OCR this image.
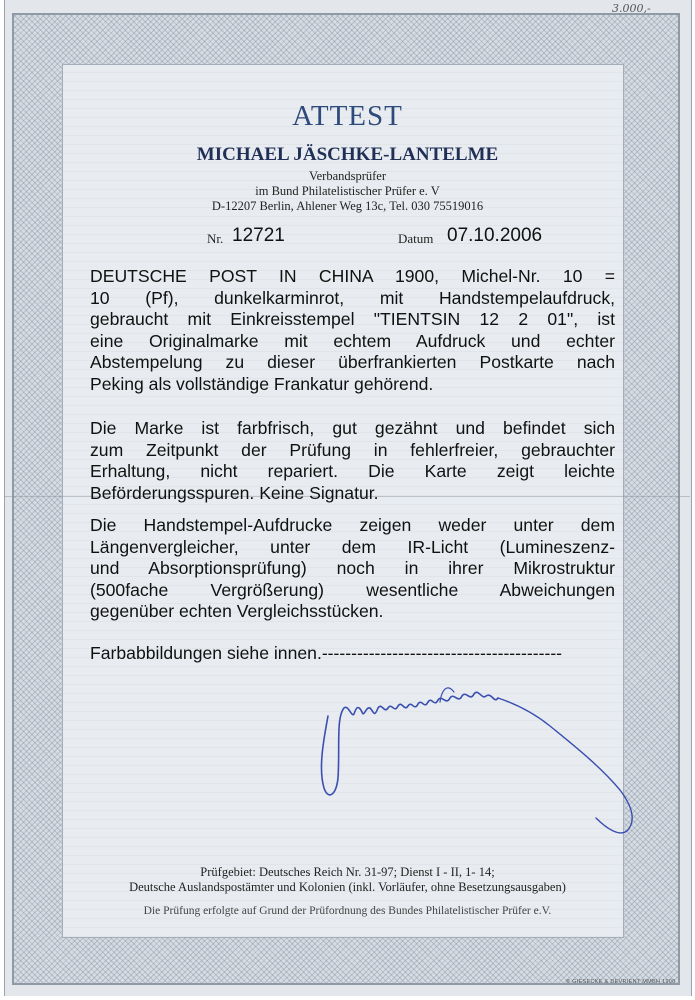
3.000,-
ATTEST
MICHAEL JÄSCHKE-LANTELME
Verbandsprüfer
im Bund Philatelistischer Prüfer e. V
D-12207 Berlin, Ahlener Weg 13c, Tel. 030 75519016
Nr. 12721	Datum 07.10.2006

DEUTSCHE POST IN CHINA 1900, Michel-Nr. 10 =
10 (Pf), dunkelkarminrot, mit Handstempelaufdruck,
gebraucht mit Einkreisstempel "TIENTSIN 12 2 01", ist
eine Originalmarke mit echtem Aufdruck und echter
Abstempelung zu dieser überfrankierten Postkarte nach
Peking als vollständige Frankatur gehörend.

Die Marke ist farbfrisch, gut gezähnt und befindet sich
zum Zeitpunkt der Prüfung in fehlerfreier, gebrauchter
Erhaltung, nicht repariert. Die Karte zeigt leichte
Beförderungsspuren. Keine Signatur.

Die Handstempel-Aufdrucke zeigen weder unter dem
Längenvergleicher, unter dem IR-Licht (Lumineszenz-
und Absorptionsprüfung) noch in ihrer Mikrostruktur
(500fache Vergrößerung) wesentliche Abweichungen
gegenüber echten Vergleichsstücken.

Farbabbildungen siehe innen.-----------------------------------------

Prüfgebiet: Deutsches Reich Nr. 31-97; Dienst I - II, 1- 14;
Deutsche Auslandspostämter und Kolonien (inkl. Vorläufer, ohne Besetzungsausgaben)
Die Prüfung erfolgte auf Grund der Prüfordnung des Bundes Philatelistischer Prüfer e.V.
® GIESECKE & DEVRIENT MMBH 1900
